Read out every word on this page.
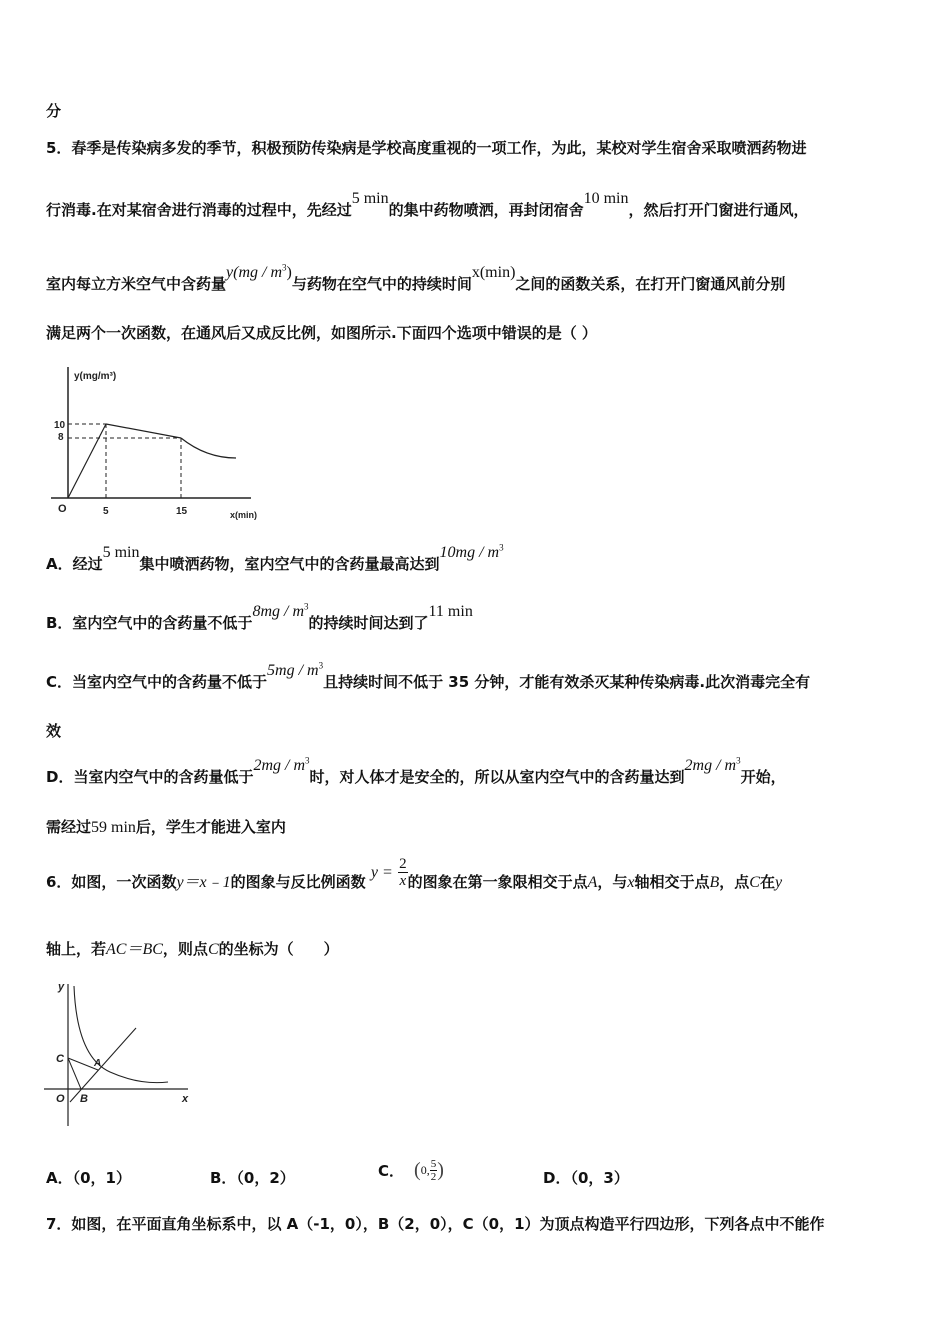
分
5．春季是传染病多发的季节，积极预防传染病是学校高度重视的一项工作，为此，某校对学生宿舍采取喷洒药物进
行消毒.在对某宿舍进行消毒的过程中，先经过5 min的集中药物喷洒，再封闭宿舍10 min，然后打开门窗进行通风，
室内每立方米空气中含药量$y(mg / m^3)$与药物在空气中的持续时间x(min)之间的函数关系，在打开门窗通风前分别
满足两个一次函数，在通风后又成反比例，如图所示.下面四个选项中错误的是（ ）
y(mg/m³)
10
8
O	5	15	x(min)
A．经过5 min集中喷洒药物，室内空气中的含药量最高达到$10mg / m^3$
B．室内空气中的含药量不低于$8mg / m^3$的持续时间达到了11 min
C．当室内空气中的含药量不低于$5mg / m^3$且持续时间不低于 35 分钟，才能有效杀灭某种传染病毒.此次消毒完全有
效
D．当室内空气中的含药量低于$2mg / m^3$时，对人体才是安全的，所以从室内空气中的含药量达到$2mg / m^3$开始，
需经过59 min后，学生才能进入室内
6．如图，一次函数y＝x﹣1的图象与反比例函数 $y = \frac{2}{x}$ 的图象在第一象限相交于点A，与x轴相交于点B，点C在y
轴上，若AC＝BC，则点C的坐标为（　　）
y
x
O B
C	A
A．（0，1）	B．（0，2）	C． ( 0, $\frac{5}{2}$ )	D．（0，3）
7．如图，在平面直角坐标系中，以 A（-1，0），B（2，0），C（0，1）为顶点构造平行四边形，下列各点中不能作
